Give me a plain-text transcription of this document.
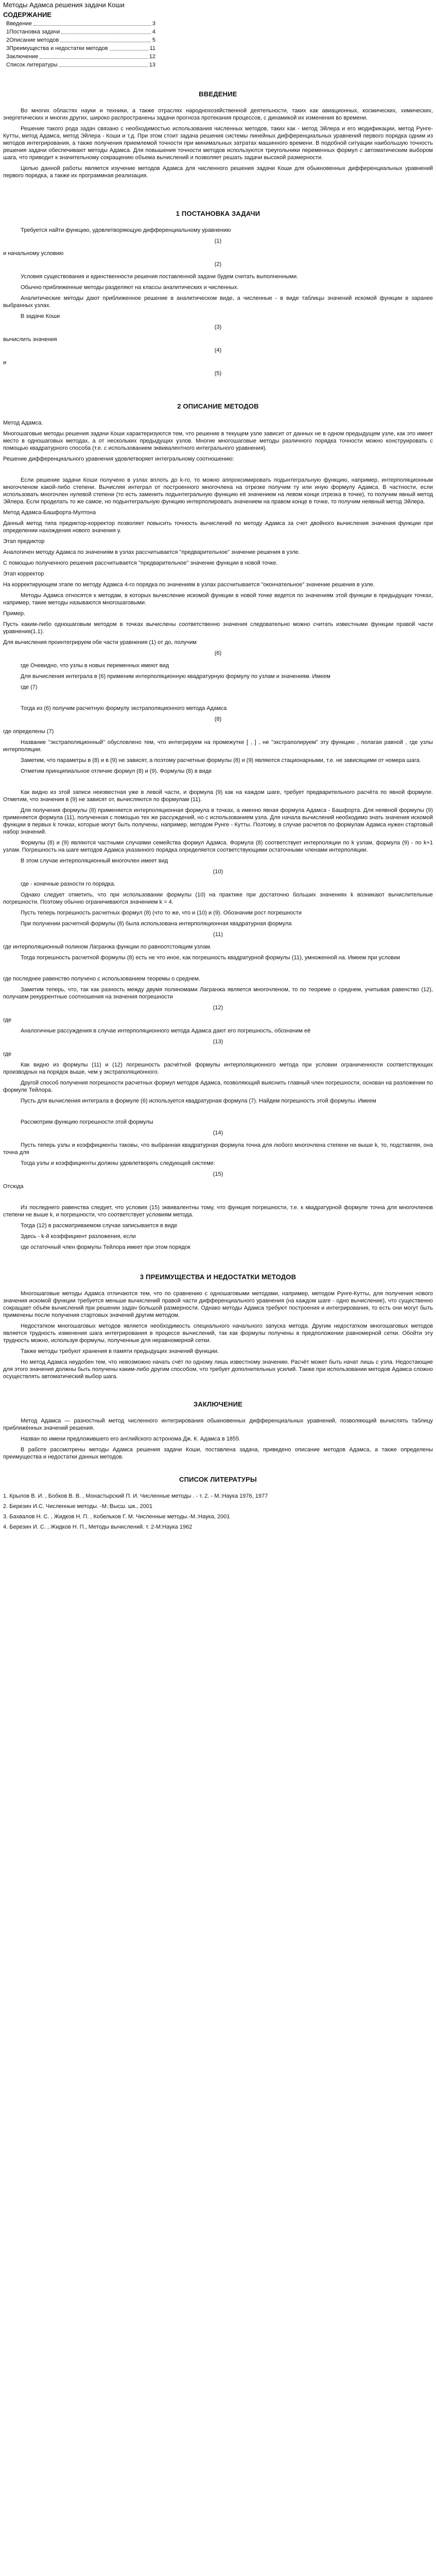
Методы Адамса решения задачи Коши
СОДЕРЖАНИЕ
Введение	3
1Постановка задачи	4
2Описание методов	5
3Преимущества и недостатки методов	11
Заключение	12
Список литературы	13
ВВЕДЕНИЕ
Во многих областях науки и техники, а также отраслях народнохозяйственной деятельности, таких как авиационных, космических, химических, энергетических и многих других, широко распространены задачи прогноза протекания процессов, с динамикой их изменения во времени.
Решение такого рода задач связано с необходимостью использования численных методов, таких как - метод Эйлера и его модификации, метод Рунге-Кутты, метод Адамса, метод Эйлера - Коши и т.д. При этом стоит задача решения системы линейных дифференциальных уравнений первого порядка одним из методов интегрирования, а также получения приемлемой точности при минимальных затратах машинного времени. В подобной ситуации наибольшую точность решения задачи обеспечивают методы Адамса. Для повышения точности методов используются треугольники переменных формул с автоматическим выбором шага, что приводит к значительному сокращению объема вычислений и позволяет решать задачи высокой размерности.
Целью данной работы является изучение методов Адамса для численного решения задачи Коши для обыкновенных дифференциальных уравнений первого порядка, а также их программная реализация.
1 ПОСТАНОВКА ЗАДАЧИ
Требуется найти функцию, удовлетворяющую дифференциальному уравнению
(1)
и начальному условию
(2)
Условия существования и единственности решения поставленной задачи будем считать выполненными.
Обычно приближенные методы разделяют на классы аналитических и численных.
Аналитические методы дают приближенное решение в аналитическом виде, а численные - в виде таблицы значений искомой функции в заранее выбранных узлах.
В задаче Коши
(3)
вычислить значения
(4)
и
(5)
2 ОПИСАНИЕ МЕТОДОВ
Метод Адамса.
Многошаговые методы решения задачи Коши характеризуются тем, что решение в текущем узле зависит от данных не в одном предыдущем узле, как это имеет место в одношаговых методах, а от нескольких предыдущих узлов. Многие многошаговые методы различного порядка точности можно конструировать с помощью квадратурного способа (т.е. с использованием эквивалентного интегрального уравнения).
Решение дифференциального уравнения удовлетворяет интегральному соотношению:
Если решение задачи Коши получено в узлах вплоть до k-го, то можно аппроксимировать подынтегральную функцию, например, интерполяционным многочленом какой-либо степени. Вычисляя интеграл от построенного многочлена на отрезке получим ту или иную формулу Адамса. В частности, если использовать многочлен нулевой степени (то есть заменить подынтегральную функцию её значением на левом конце отрезка в точке), то получим явный метод Эйлера. Если проделать то же самое, но подынтегральную функцию интерполировать значением на правом конце в точке, то получим неявный метод Эйлера.
Метод Адамса-Башфорта-Мултона
Данный метод типа предиктор-корректор позволяет повысить точность вычислений по методу Адамса за счет двойного вычисления значения функции при определении нахождения нового значения у.
Этап предиктор
Аналогичен методу Адамса по значениям в узлах рассчитывается "предварительное" значение решения в узле.
С помощью полученного решения рассчитывается "предварительное" значение функции в новой точке.
Этап корректор
На корректирующем этапе по методу Адамса 4-го порядка по значениям в узлах рассчитывается "окончательное" значение решения в узле.
Методы Адамса относятся к методам, в которых вычисление искомой функции в новой точке ведется по значениям этой функции в предыдущих точках, например, такие методы называются многошаговыми.
Пример.
Пусть каким-либо одношаговым методом в точках вычислены соответственно значения следовательно можно считать известными функции правой части уравнения(1.1).
Для вычисления проинтегрируем обе части уравнения (1) от до, получим
(6)
где Очевидно, что узлы в новых переменных имеют вид
Для вычисления интеграла в (6) применим интерполяционную квадратурную формулу по узлам и значениям. Имеем
где (7)
Тогда из (6) получим расчетную формулу экстраполяционного метода Адамса
(8)
где определены (7)
Название "экстраполяционный" обусловлено тем, что интегрируем на промежутке [ , ] , не "экстраполируем" эту функцию , полагая равной , где узлы интерполяции.
Заметим, что параметры в (8) и в (9) не зависят, а поэтому расчетные формулы (8) и (9) являются стационарными, т.е. не зависящими от номера шага.
Отметим принципиальное отличие формул (8) и (9). Формулы (8) в виде
Как видно из этой записи неизвестная уже в левой части, и формула (9) как на каждом шаге, требует предварительного расчёта по явной формуле. Отметим, что значения в (9) не зависят от, вычисляются по формулам (11).
Для получения формулы (8) применяется интерполяционная формула в точках, а именно явная формула Адамса - Башфорта. Для неявной формулы (9) применяется формула (11), полученная с помощью тех же рассуждений, но с использованием узла. Для начала вычислений необходимо знать значения искомой функции в первых k точках, которые могут быть получены, например, методом Рунге - Кутты. Поэтому, в случае расчетов по формулам Адамса нужен стартовый набор значений.
Формулы (8) и (9) являются частными случаями семейства формул Адамса. Формула (8) соответствует интерполяции по k узлам, формула (9) - по k+1 узлам. Погрешность на шаге методов Адамса указанного порядка определяется соответствующими остаточными членами интерполяции.
В этом случае интерполяционный многочлен имеет вид
(10)
где - конечные разности го порядка.
Однако следует отметить, что при использовании формулы (10) на практике при достаточно больших значениях k возникают вычислительные погрешности. Поэтому обычно ограничиваются значением k = 4.
Пусть теперь погрешность расчетных формул (8) (что то же, что и (10) и (9). Обозначим рост погрешности
При получении расчетной формулы (8) была использована интерполяционная квадратурная формула
(11)
где интерполяционный полином Лагранжа функции по равноотстоящим узлам.
Тогда погрешность расчетной формулы (8) есть не что иное, как погрешность квадратурной формулы (11), умноженной на. Имеем при условии
где последнее равенство получено с использованием теоремы о среднем.
Заметим теперь, что, так как разность между двумя полиномами Лагранжа является многочленом, то по теореме о среднем, учитывая равенство (12), получаем рекуррентные соотношения на значения погрешности
(12)
где
Аналогичные рассуждения в случае интерполяционного метода Адамса дают его погрешность, обозначим её
(13)
где
Как видно из формулы (11) и (12) погрешность расчётной формулы интерполяционного метода при условии ограниченности соответствующих производных на порядок выше, чем у экстраполяционного.
Другой способ получения погрешности расчетных формул методов Адамса, позволяющий выяснить главный член погрешности, основан на разложении по формуле Тейлора.
Пусть для вычисления интеграла в формуле (6) используется квадратурная формула (7). Найдем погрешность этой формулы. Имеем
Рассмотрим функцию погрешности этой формулы
(14)
Пусть теперь узлы и коэффициенты таковы, что выбранная квадратурная формула точна для любого многочлена степени не выше k, то, подставляя, она точна для
Тогда узлы и коэффициенты должны удовлетворять следующей системе:
(15)
Отсюда
Из последнего равенства следует, что условия (15) эквивалентны тому, что функция погрешности, т.е. к квадратурной формуле точна для многочленов степени не выше k, и погрешности, что соответствует условиям метода.
Тогда (12) в рассматриваемом случае записывается в виде
Здесь - k-й коэффициент разложения, если
где остаточный член формулы Тейлора имеет при этом порядок
3 ПРЕИМУЩЕСТВА И НЕДОСТАТКИ МЕТОДОВ
Многошаговые методы Адамса отличаются тем, что по сравнению с одношаговыми методами, например, методом Рунге-Кутты, для получения нового значения искомой функции требуется меньше вычислений правой части дифференциального уравнения (на каждом шаге - одно вычисление), что существенно сокращает объём вычислений при решении задач большой размерности. Однако методы Адамса требуют построения и интегрирования, то есть они могут быть применены после получения стартовых значений другим методом.
Недостатком многошаговых методов является необходимость специального начального запуска метода. Другим недостатком многошаговых методов является трудность изменения шага интегрирования в процессе вычислений, так как формулы получены в предположении равномерной сетки. Обойти эту трудность можно, используя формулы, полученные для неравномерной сетки.
Также методы требуют хранения в памяти предыдущих значений функции.
Но метод Адамса неудобен тем, что невозможно начать счёт по одному лишь известному значению. Расчёт может быть начат лишь с узла. Недостающие для этого значения должны быть получены каким-либо другим способом, что требует дополнительных усилий. Также при использовании методов Адамса сложно осуществлять автоматический выбор шага.
ЗАКЛЮЧЕНИЕ
Метод Адамса — разностный метод численного интегрирования обыкновенных дифференциальных уравнений, позволяющий вычислять таблицу приближённых значений решения.
Назван по имени предложившего его английского астронома Дж. К. Адамса в 1855.
В работе рассмотрены методы Адамса решения задачи Коши, поставлена задача, приведено описание методов Адамса, а также определены преимущества и недостатки данных методов.
СПИСОК ЛИТЕРАТУРЫ
1. Крылов В. И. , Бобков В. В. , Монастырский П. И. Численные методы . - т. 2. - М.:Наука 1976, 1977
2. Березин И.С. Численные методы. -М.:Высш. шк., 2001
3. Бахвалов Н. С. , Жидков Н. П. , Кобельков Г. М. Численные методы.-М.:Наука, 2001
4. Березин И. С. , Жидков Н. П., Методы вычислений. т. 2-М:Наука 1962
